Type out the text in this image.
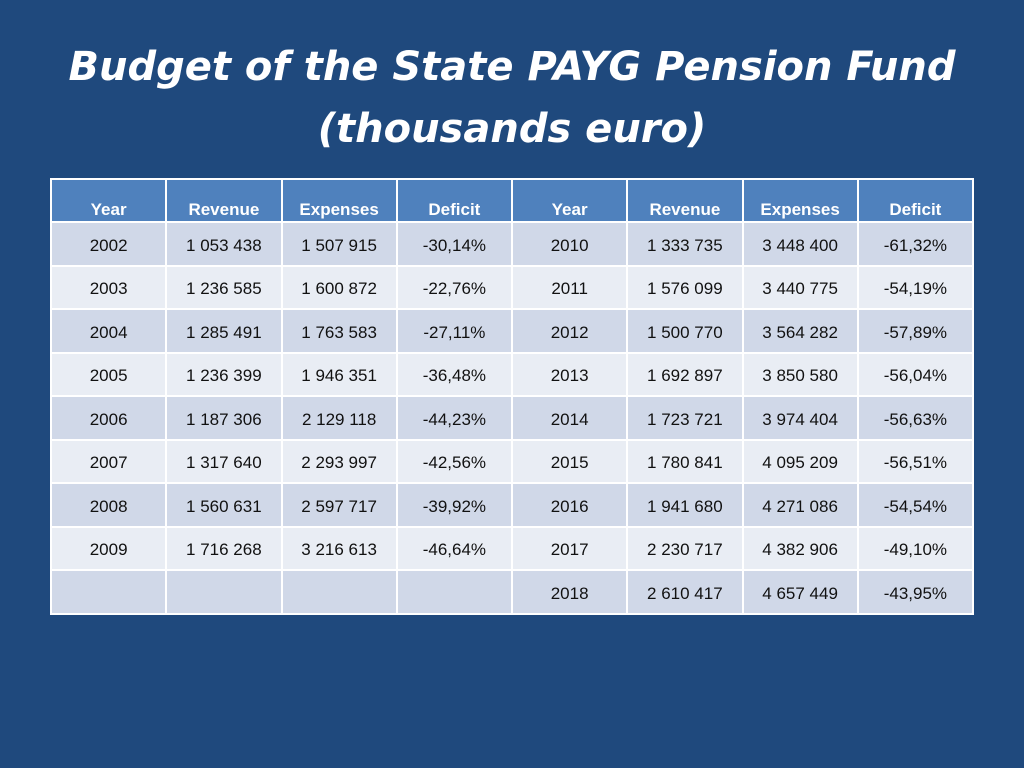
Budget of the State PAYG Pension Fund
(thousands euro)
Year	Revenue	Expenses	Deficit	Year	Revenue	Expenses	Deficit
2002	1 053 438	1 507 915	-30,14%	2010	1 333 735	3 448 400	-61,32%
2003	1 236 585	1 600 872	-22,76%	2011	1 576 099	3 440 775	-54,19%
2004	1 285 491	1 763 583	-27,11%	2012	1 500 770	3 564 282	-57,89%
2005	1 236 399	1 946 351	-36,48%	2013	1 692 897	3 850 580	-56,04%
2006	1 187 306	2 129 118	-44,23%	2014	1 723 721	3 974 404	-56,63%
2007	1 317 640	2 293 997	-42,56%	2015	1 780 841	4 095 209	-56,51%
2008	1 560 631	2 597 717	-39,92%	2016	1 941 680	4 271 086	-54,54%
2009	1 716 268	3 216 613	-46,64%	2017	2 230 717	4 382 906	-49,10%
				2018	2 610 417	4 657 449	-43,95%
